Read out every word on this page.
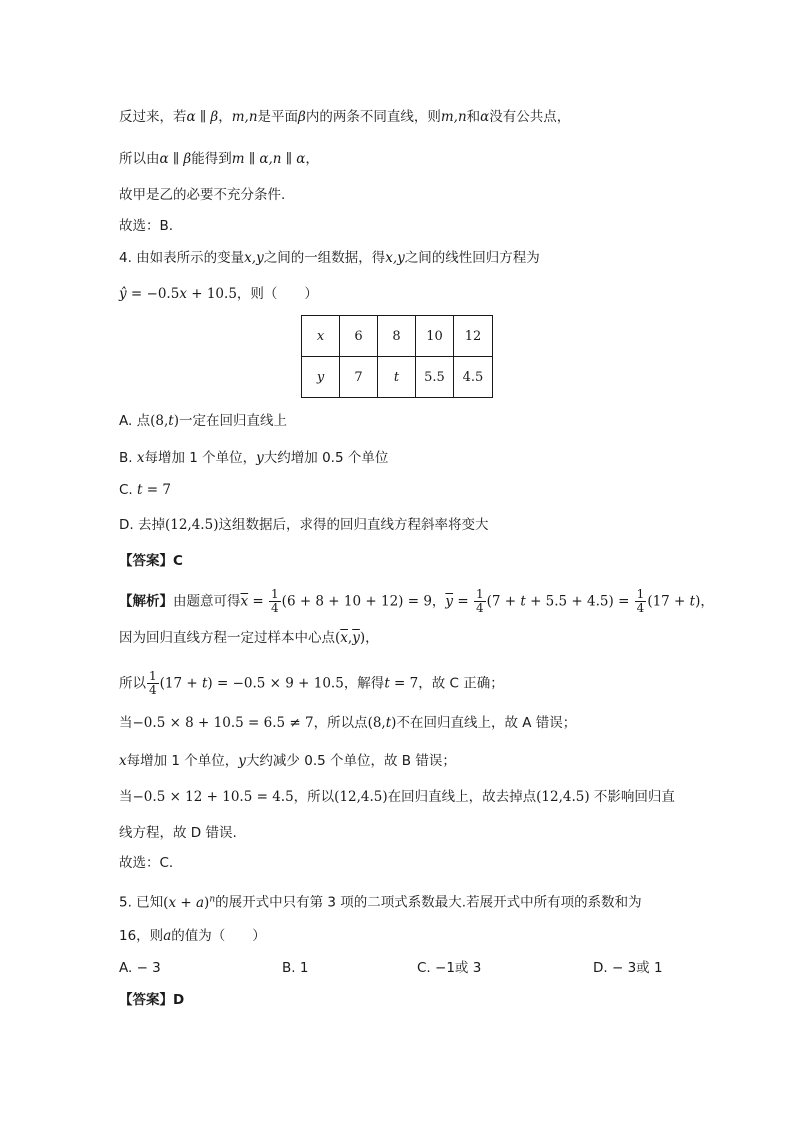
反过来，若α ∥ β，m,n是平面β内的两条不同直线，则m,n和α没有公共点，
所以由α ∥ β能得到m ∥ α,n ∥ α，
故甲是乙的必要不充分条件.
故选：B.
4. 由如表所示的变量x,y之间的一组数据，得x,y之间的线性回归方程为
ŷ = −0.5x + 10.5，则（　　）
x	6	8	10	12
y	7	t	5.5	4.5
A. 点(8,t)一定在回归直线上
B. x每增加 1 个单位，y大约增加 0.5 个单位
C. t = 7
D. 去掉(12,4.5)这组数据后，求得的回归直线方程斜率将变大
【答案】C
【解析】由题意可得$\overline{x} = \frac{1}{4} (6 + 8 + 10 + 12) = 9$，$\overline{y} = \frac{1}{4} (7 + t + 5.5 + 4.5) = \frac{1}{4} (17 + t)$，
因为回归直线方程一定过样本中心点$(\overline{x},\overline{y})$，
所以 $\frac{1}{4} (17 + t) = -0.5 \times 9 + 10.5$，解得t = 7，故 C 正确；
当−0.5 × 8 + 10.5 = 6.5 ≠ 7，所以点(8,t)不在回归直线上，故 A 错误；
x每增加 1 个单位，y大约减少 0.5 个单位，故 B 错误；
当−0.5 × 12 + 10.5 = 4.5，所以(12,4.5)在回归直线上，故去掉点(12,4.5) 不影响回归直
线方程，故 D 错误.
故选：C.
5. 已知$(x + a)^n$的展开式中只有第 3 项的二项式系数最大.若展开式中所有项的系数和为
16，则a的值为（　　）
A. − 3	B. 1	C. −1或 3	D. − 3或 1
【答案】D
